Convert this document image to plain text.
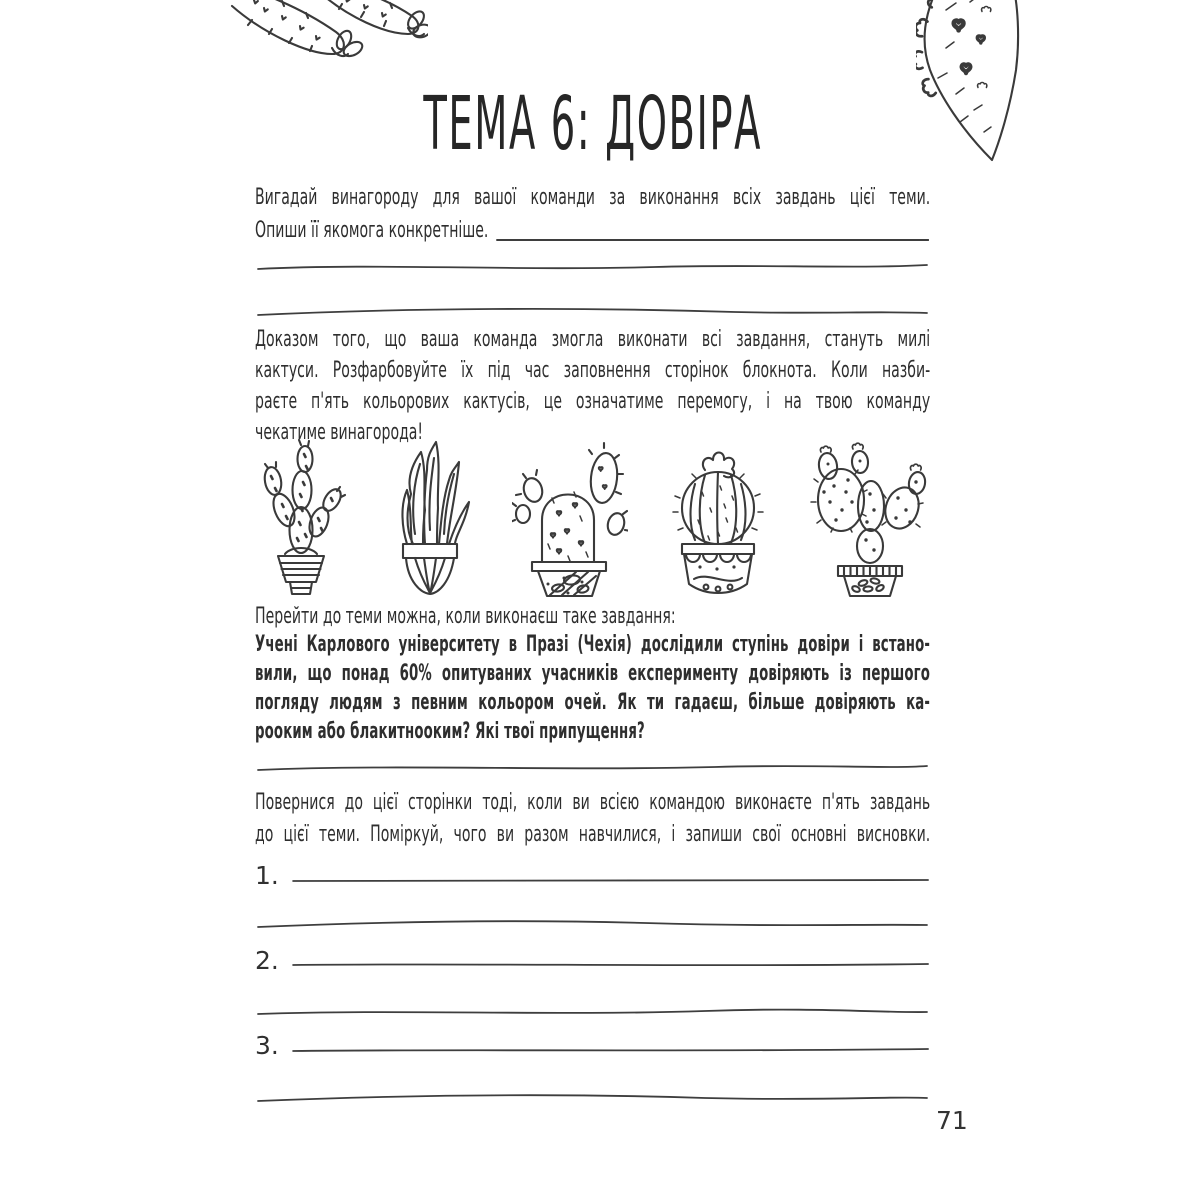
ТЕМА 6: ДОВІРА
Вигадай винагороду для вашої команди за виконання всіх завдань цієї теми.
Опиши її якомога конкретніше.
Доказом того, що ваша команда змогла виконати всі завдання, стануть милі
кактуси. Розфарбовуйте їх під час заповнення сторінок блокнота. Коли назби-
раєте п'ять кольорових кактусів, це означатиме перемогу, і на твою команду
чекатиме винагорода!
Перейти до теми можна, коли виконаєш таке завдання:
Учені Карлового університету в Празі (Чехія) дослідили ступінь довіри і встано-
вили, що понад 60% опитуваних учасників експерименту довіряють із першого
погляду людям з певним кольором очей. Як ти гадаєш, більше довіряють ка-
рооким або блакитнооким? Які твої припущення?
Повернися до цієї сторінки тоді, коли ви всією командою виконаєте п'ять завдань
до цієї теми. Поміркуй, чого ви разом навчилися, і запиши свої основні висновки.
1.
2.
3.
71
